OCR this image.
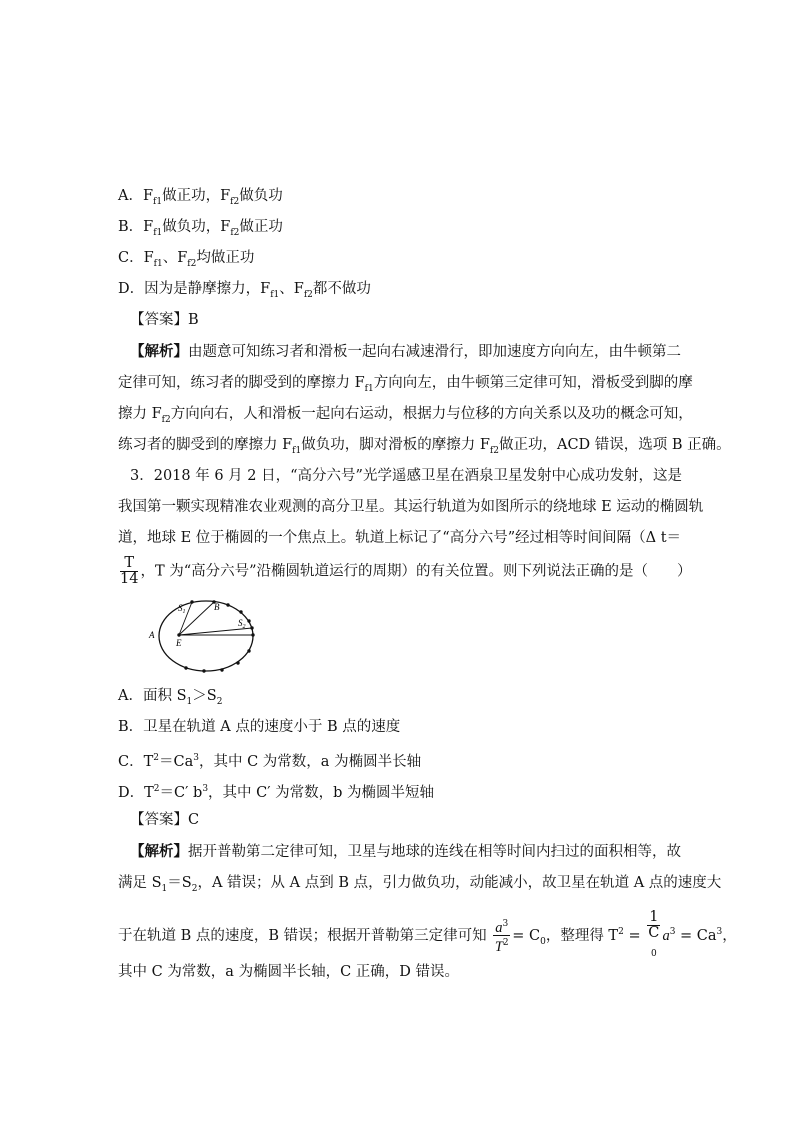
A．$F_{f1}$做正功，$F_{f2}$做负功
B．$F_{f1}$做负功，$F_{f2}$做正功
C．$F_{f1}$、$F_{f2}$均做正功
D．因为是静摩擦力，$F_{f1}$、$F_{f2}$都不做功
【答案】B
【解析】由题意可知练习者和滑板一起向右减速滑行，即加速度方向向左，由牛顿第二
定律可知，练习者的脚受到的摩擦力 $F_{f1}$方向向左，由牛顿第三定律可知，滑板受到脚的摩
擦力 $F_{f2}$方向向右，人和滑板一起向右运动，根据力与位移的方向关系以及功的概念可知，
练习者的脚受到的摩擦力 $F_{f1}$做负功，脚对滑板的摩擦力 $F_{f2}$做正功，ACD 错误，选项 B 正确。
3．2018 年 6 月 2 日，“高分六号”光学遥感卫星在酒泉卫星发射中心成功发射，这是
我国第一颗实现精准农业观测的高分卫星。其运行轨道为如图所示的绕地球 E 运动的椭圆轨
道，地球 E 位于椭圆的一个焦点上。轨道上标记了“高分六号”经过相等时间间隔（Δ t＝
$\frac{T}{14}$ ，T 为“高分六号”沿椭圆轨道运行的周期）的有关位置。则下列说法正确的是（　　）
$S_1$	B
$S_2$
A
E
A．面积 $S_1>S_2$
B．卫星在轨道 A 点的速度小于 B 点的速度
C．$T^2=Ca^3$，其中 C 为常数，a 为椭圆半长轴
D．$T^2=C'$ $b^3$，其中 C′ 为常数，b 为椭圆半短轴
【答案】C
【解析】据开普勒第二定律可知，卫星与地球的连线在相等时间内扫过的面积相等，故
满足 $S_1=S_2$，A 错误；从 A 点到 B 点，引力做负功，动能减小，故卫星在轨道 A 点的速度大
于在轨道 B 点的速度，B 错误；根据开普勒第三定律可知 $\frac{a^3}{T^2} = C_0$，整理得 $T^2 = 1$
C
$_0$ $a^3 = Ca^3$，
其中 C 为常数，a 为椭圆半长轴，C 正确，D 错误。
